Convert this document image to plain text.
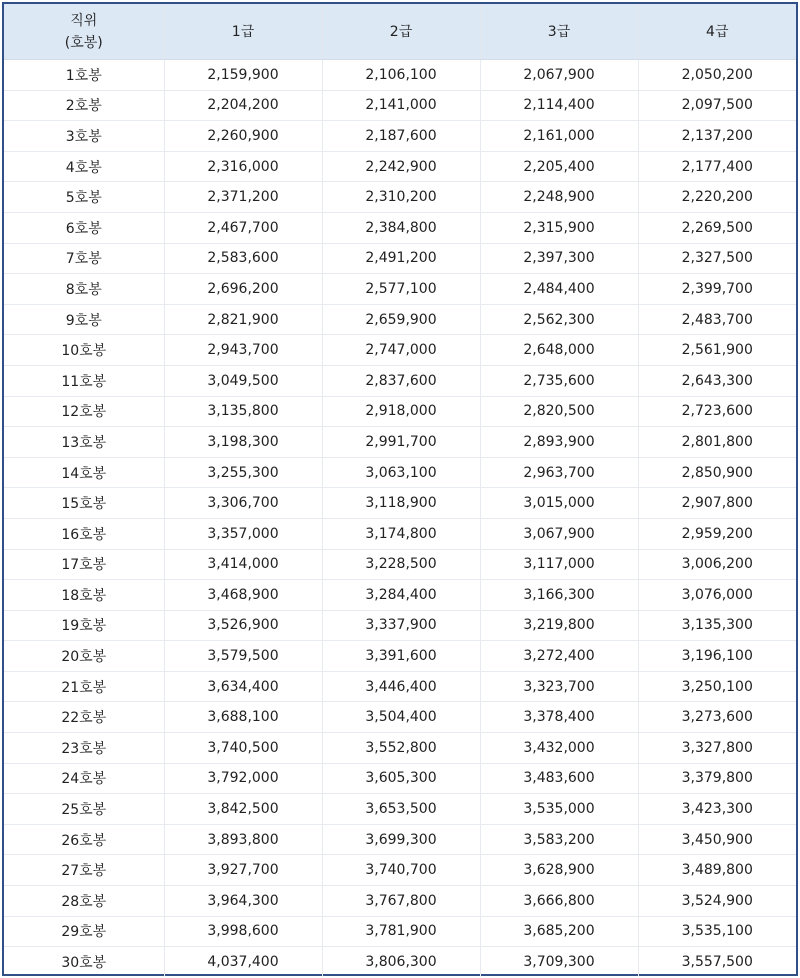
직위
(호봉)	1급	2급	3급	4급
1호봉	2,159,900	2,106,100	2,067,900	2,050,200
2호봉	2,204,200	2,141,000	2,114,400	2,097,500
3호봉	2,260,900	2,187,600	2,161,000	2,137,200
4호봉	2,316,000	2,242,900	2,205,400	2,177,400
5호봉	2,371,200	2,310,200	2,248,900	2,220,200
6호봉	2,467,700	2,384,800	2,315,900	2,269,500
7호봉	2,583,600	2,491,200	2,397,300	2,327,500
8호봉	2,696,200	2,577,100	2,484,400	2,399,700
9호봉	2,821,900	2,659,900	2,562,300	2,483,700
10호봉	2,943,700	2,747,000	2,648,000	2,561,900
11호봉	3,049,500	2,837,600	2,735,600	2,643,300
12호봉	3,135,800	2,918,000	2,820,500	2,723,600
13호봉	3,198,300	2,991,700	2,893,900	2,801,800
14호봉	3,255,300	3,063,100	2,963,700	2,850,900
15호봉	3,306,700	3,118,900	3,015,000	2,907,800
16호봉	3,357,000	3,174,800	3,067,900	2,959,200
17호봉	3,414,000	3,228,500	3,117,000	3,006,200
18호봉	3,468,900	3,284,400	3,166,300	3,076,000
19호봉	3,526,900	3,337,900	3,219,800	3,135,300
20호봉	3,579,500	3,391,600	3,272,400	3,196,100
21호봉	3,634,400	3,446,400	3,323,700	3,250,100
22호봉	3,688,100	3,504,400	3,378,400	3,273,600
23호봉	3,740,500	3,552,800	3,432,000	3,327,800
24호봉	3,792,000	3,605,300	3,483,600	3,379,800
25호봉	3,842,500	3,653,500	3,535,000	3,423,300
26호봉	3,893,800	3,699,300	3,583,200	3,450,900
27호봉	3,927,700	3,740,700	3,628,900	3,489,800
28호봉	3,964,300	3,767,800	3,666,800	3,524,900
29호봉	3,998,600	3,781,900	3,685,200	3,535,100
30호봉	4,037,400	3,806,300	3,709,300	3,557,500
